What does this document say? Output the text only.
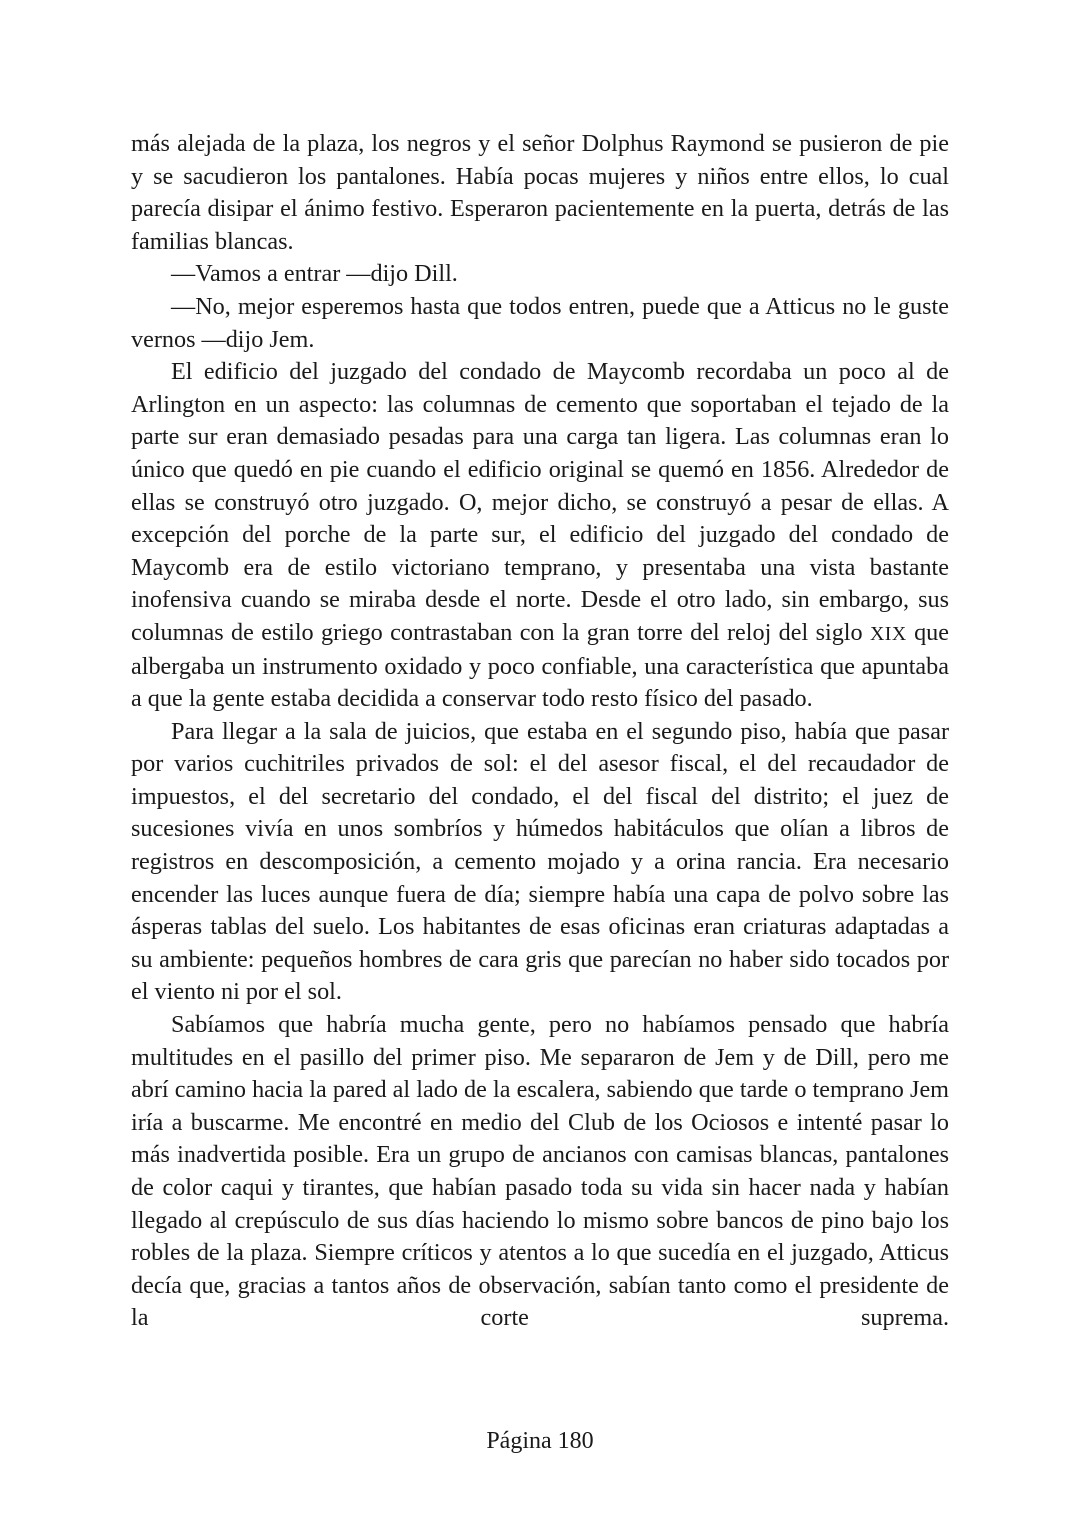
más alejada de la plaza, los negros y el señor Dolphus Raymond se pusieron de pie y se sacudieron los pantalones. Había pocas mujeres y niños entre ellos, lo cual parecía disipar el ánimo festivo. Esperaron pacientemente en la puerta, detrás de las familias blancas.

—Vamos a entrar —dijo Dill.

—No, mejor esperemos hasta que todos entren, puede que a Atticus no le guste vernos —dijo Jem.

El edificio del juzgado del condado de Maycomb recordaba un poco al de Arlington en un aspecto: las columnas de cemento que soportaban el tejado de la parte sur eran demasiado pesadas para una carga tan ligera. Las columnas eran lo único que quedó en pie cuando el edificio original se quemó en 1856. Alrededor de ellas se construyó otro juzgado. O, mejor dicho, se construyó a pesar de ellas. A excepción del porche de la parte sur, el edificio del juzgado del condado de Maycomb era de estilo victoriano temprano, y presentaba una vista bastante inofensiva cuando se miraba desde el norte. Desde el otro lado, sin embargo, sus columnas de estilo griego contrastaban con la gran torre del reloj del siglo XIX que albergaba un instrumento oxidado y poco confiable, una característica que apuntaba a que la gente estaba decidida a conservar todo resto físico del pasado.

Para llegar a la sala de juicios, que estaba en el segundo piso, había que pasar por varios cuchitriles privados de sol: el del asesor fiscal, el del recaudador de impuestos, el del secretario del condado, el del fiscal del distrito; el juez de sucesiones vivía en unos sombríos y húmedos habitáculos que olían a libros de registros en descomposición, a cemento mojado y a orina rancia. Era necesario encender las luces aunque fuera de día; siempre había una capa de polvo sobre las ásperas tablas del suelo. Los habitantes de esas oficinas eran criaturas adaptadas a su ambiente: pequeños hombres de cara gris que parecían no haber sido tocados por el viento ni por el sol.

Sabíamos que habría mucha gente, pero no habíamos pensado que habría multitudes en el pasillo del primer piso. Me separaron de Jem y de Dill, pero me abrí camino hacia la pared al lado de la escalera, sabiendo que tarde o temprano Jem iría a buscarme. Me encontré en medio del Club de los Ociosos e intenté pasar lo más inadvertida posible. Era un grupo de ancianos con camisas blancas, pantalones de color caqui y tirantes, que habían pasado toda su vida sin hacer nada y habían llegado al crepúsculo de sus días haciendo lo mismo sobre bancos de pino bajo los robles de la plaza. Siempre críticos y atentos a lo que sucedía en el juzgado, Atticus decía que, gracias a tantos años de observación, sabían tanto como el presidente de la corte suprema.

Página 180
